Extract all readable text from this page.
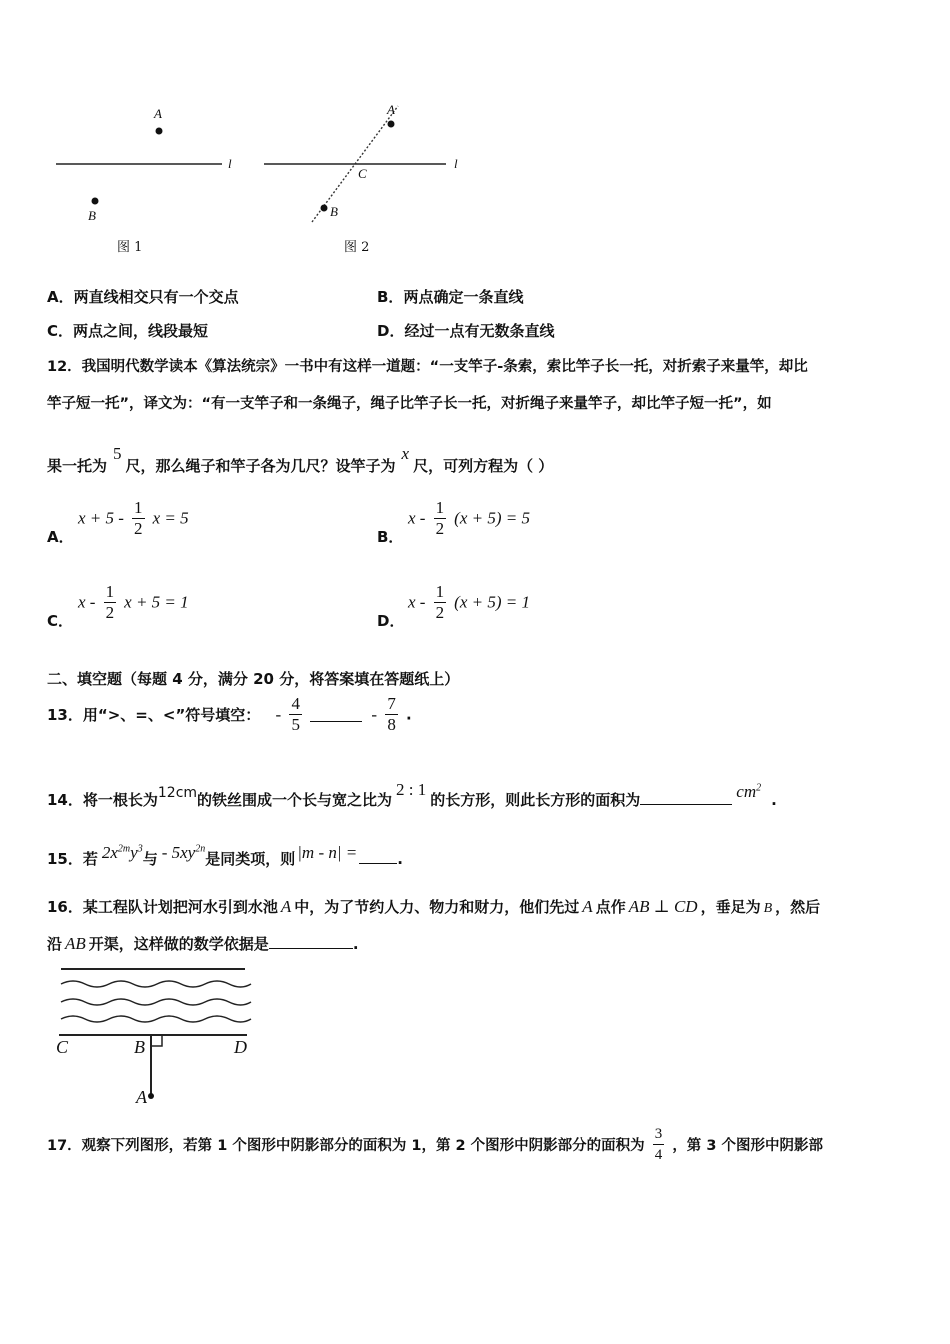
A
B
l
图 1
A
C
B
l
图 2
A．两直线相交只有一个交点	B．两点确定一条直线
C．两点之间，线段最短	D．经过一点有无数条直线
12．我国明代数学读本《算法统宗》一书中有这样一道题：“一支竿子-条索，索比竿子长一托，对折索子来量竿，却比
竿子短一托”，译文为：“有一支竿子和一条绳子，绳子比竿子长一托，对折绳子来量竿子，却比竿子短一托”，如
果一托为5尺，那么绳子和竿子各为几尺？设竿子为x尺，可列方程为（ ）
A．
$x + 5 - \frac{1}{2}$ x = 5
B．
$x - \frac{1}{2} (x + 5) = 5$
C．
x - $\frac{1}{2}$ x + 5 = 1
D．
$x - \frac{1}{2} (x + 5) = 1$
二、填空题（每题 4 分，满分 20 分，将答案填在答题纸上）
13．用“>、=、<”符号填空： - $\frac{4}{5}$	- $\frac{7}{8}$ .
14．将一根长为12cm的铁丝围成一个长与宽之比为2 : 1的长方形，则此长方形的面积为	$cm^2$.
15．若 $2x^{2m}y^3$与 - $5xy^{2n}$是同类项，则 |m - n| =	.
16．某工程队计划把河水引到水池 A 中，为了节约人力、物力和财力，他们先过 A 点作 AB ⊥ CD ，垂足为 B ，然后
沿 AB 开渠，这样做的数学依据是	.
C	B	D
A
17．观察下列图形，若第 1 个图形中阴影部分的面积为 1，第 2 个图形中阴影部分的面积为 $\frac{3}{4}$ ，第 3 个图形中阴影部
